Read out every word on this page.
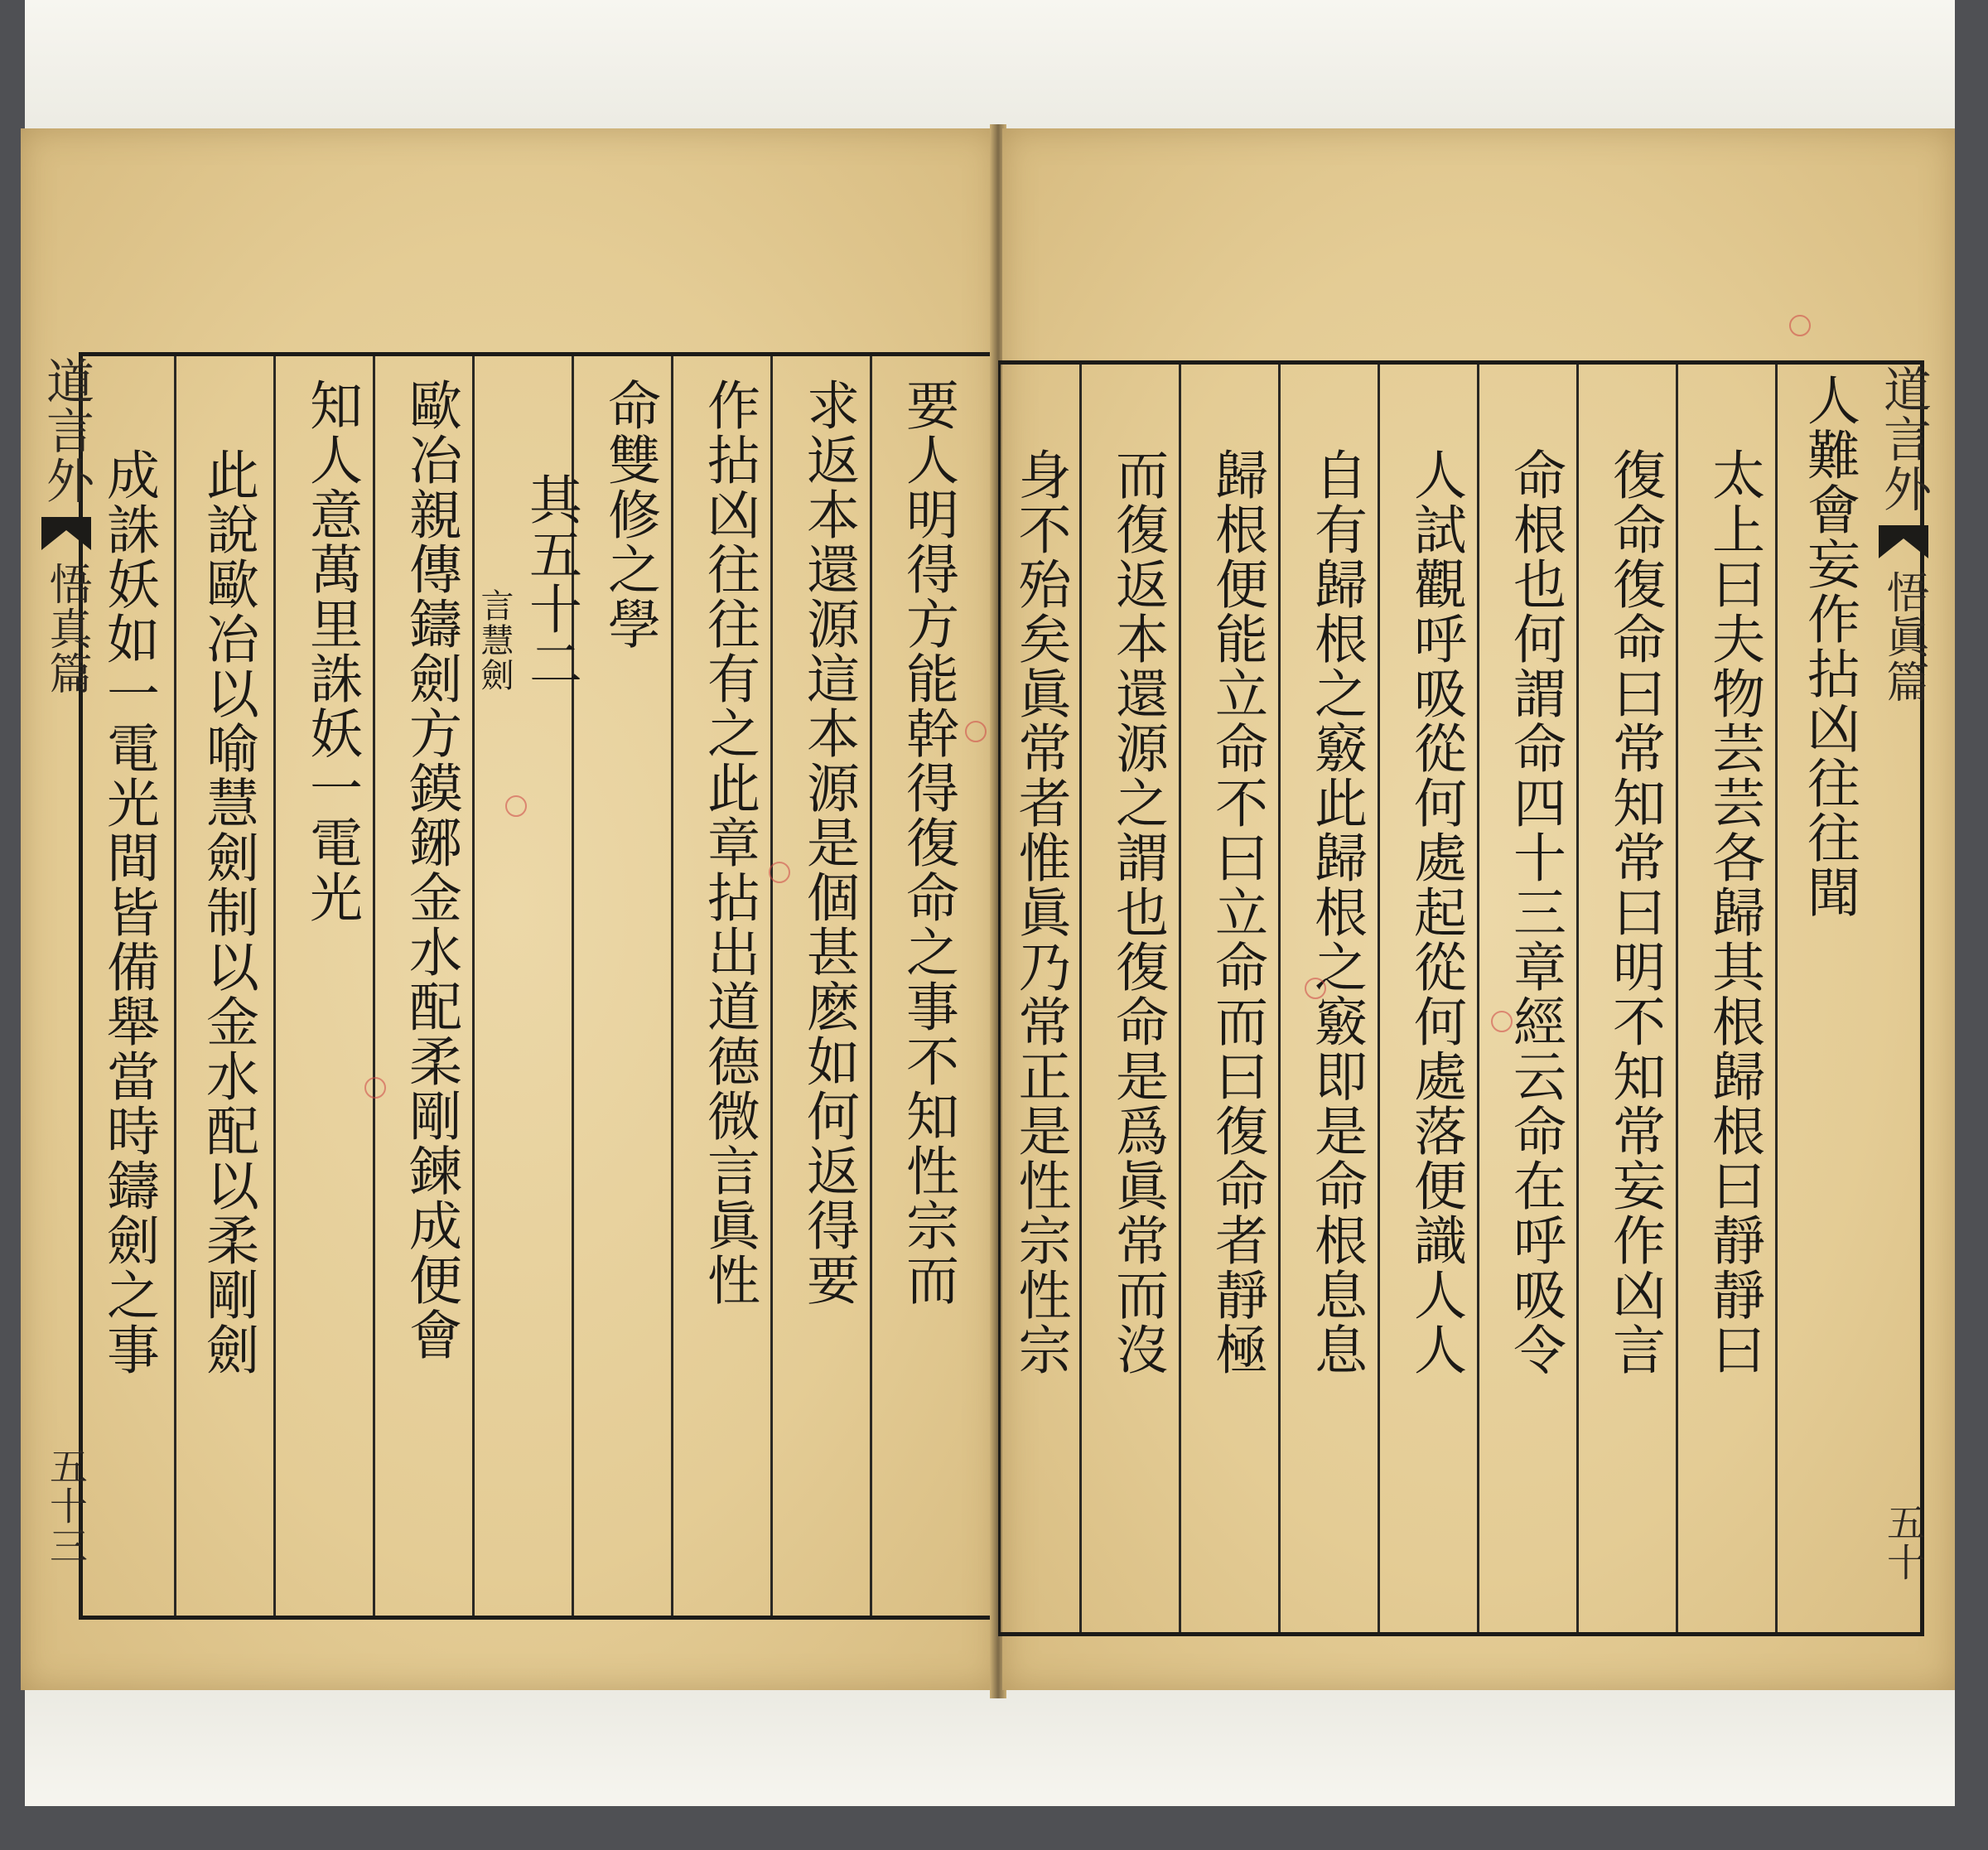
道言外
悟真篇
五十三
要人明得方能幹得復命之事不知性宗而
求返本還源這本源是個甚麽如何返得要
作拈凶往往有之此章拈出道德微言眞性
命雙修之學
言慧劍 其五十二
歐冶親傳鑄劍方鏌鋣金水配柔剛鍊成便會
知人意萬里誅妖一電光
此說歐冶以喻慧劍制以金水配以柔剛劍
成誅妖如一電光間皆備舉當時鑄劍之事
道言外
悟眞篇
五十
人難會妄作拈凶往往聞
太上曰夫物芸芸各歸其根歸根曰靜靜曰
復命復命曰常知常曰明不知常妄作凶言
命根也何謂命四十三章經云命在呼吸令
人試觀呼吸從何處起從何處落便識人人
自有歸根之竅此歸根之竅即是命根息息
歸根便能立命不曰立命而曰復命者靜極
而復返本還源之謂也復命是爲眞常而沒
身不殆矣眞常者惟眞乃常正是性宗性宗
